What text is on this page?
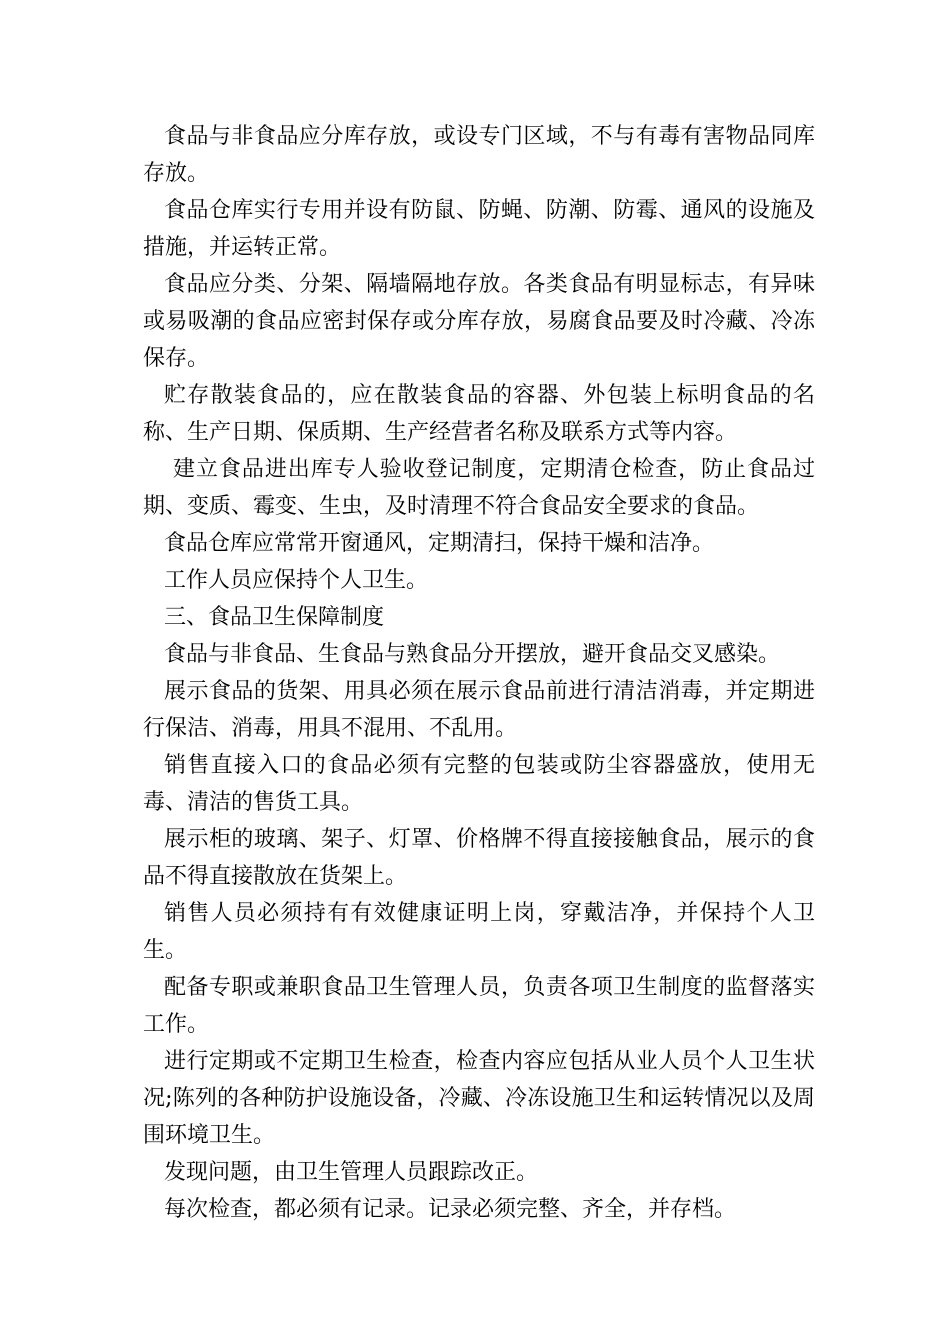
食品与非食品应分库存放，或设专门区域，不与有毒有害物品同库存放。

食品仓库实行专用并设有防鼠、防蝇、防潮、防霉、通风的设施及措施，并运转正常。

食品应分类、分架、隔墙隔地存放。各类食品有明显标志，有异味或易吸潮的食品应密封保存或分库存放，易腐食品要及时冷藏、冷冻保存。

贮存散装食品的，应在散装食品的容器、外包装上标明食品的名称、生产日期、保质期、生产经营者名称及联系方式等内容。

建立食品进出库专人验收登记制度，定期清仓检查，防止食品过期、变质、霉变、生虫，及时清理不符合食品安全要求的食品。

食品仓库应常常开窗通风，定期清扫，保持干燥和洁净。

工作人员应保持个人卫生。

三、食品卫生保障制度

食品与非食品、生食品与熟食品分开摆放，避开食品交叉感染。

展示食品的货架、用具必须在展示食品前进行清洁消毒，并定期进行保洁、消毒，用具不混用、不乱用。

销售直接入口的食品必须有完整的包装或防尘容器盛放，使用无毒、清洁的售货工具。

展示柜的玻璃、架子、灯罩、价格牌不得直接接触食品，展示的食品不得直接散放在货架上。

销售人员必须持有有效健康证明上岗，穿戴洁净，并保持个人卫生。

配备专职或兼职食品卫生管理人员，负责各项卫生制度的监督落实工作。

进行定期或不定期卫生检查，检查内容应包括从业人员个人卫生状况;陈列的各种防护设施设备，冷藏、冷冻设施卫生和运转情况以及周围环境卫生。

发现问题，由卫生管理人员跟踪改正。

每次检查，都必须有记录。记录必须完整、齐全，并存档。
